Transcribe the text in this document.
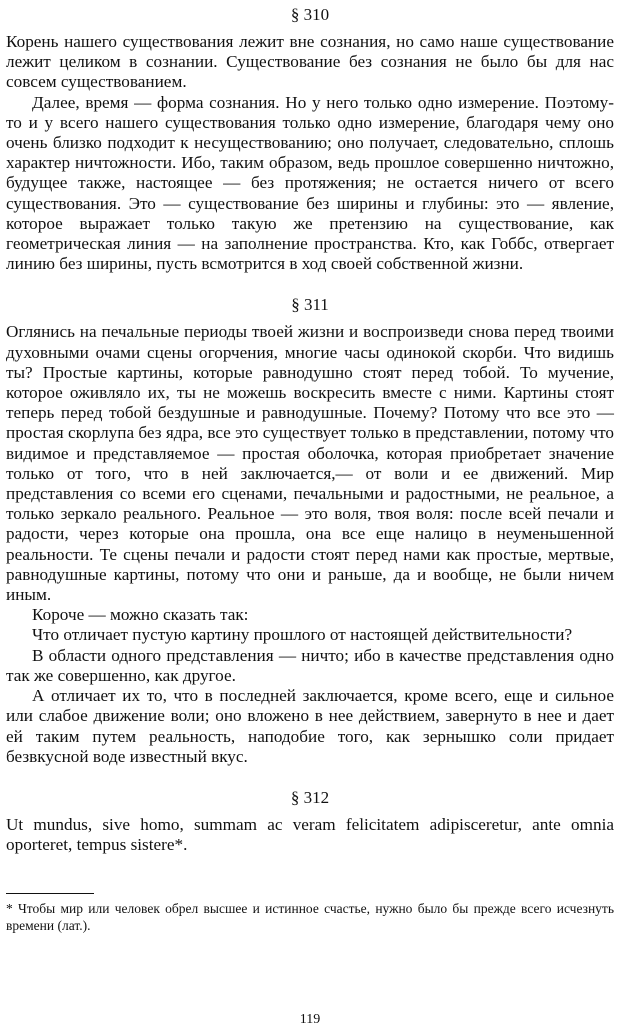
§ 310

Корень нашего существования лежит вне сознания, но само наше существование лежит целиком в сознании. Существование без сознания не было бы для нас совсем существованием.

Далее, время — форма сознания. Но у него только одно измерение. Поэтому-то и у всего нашего существования только одно измерение, благодаря чему оно очень близко подходит к несуществованию; оно получает, следовательно, сплошь характер ничтожности. Ибо, таким образом, ведь прошлое совершенно ничтожно, будущее также, настоящее — без протяжения; не остается ничего от всего существования. Это — существование без ширины и глубины: это — явление, которое выражает только такую же претензию на существование, как геометрическая линия — на заполнение пространства. Кто, как Гоббс, отвергает линию без ширины, пусть всмотрится в ход своей собственной жизни.

§ 311

Оглянись на печальные периоды твоей жизни и воспроизведи снова перед твоими духовными очами сцены огорчения, многие часы одинокой скорби. Что видишь ты? Простые картины, которые равнодушно стоят перед тобой. То мучение, которое оживляло их, ты не можешь воскресить вместе с ними. Картины стоят теперь перед тобой бездушные и равнодушные. Почему? Потому что все это — простая скорлупа без ядра, все это существует только в представлении, потому что видимое и представляемое — простая оболочка, которая приобретает значение только от того, что в ней заключается,— от воли и ее движений. Мир представления со всеми его сценами, печальными и радостными, не реальное, а только зеркало реального. Реальное — это воля, твоя воля: после всей печали и радости, через которые она прошла, она все еще налицо в неуменьшенной реальности. Те сцены печали и радости стоят перед нами как простые, мертвые, равнодушные картины, потому что они и раньше, да и вообще, не были ничем иным.

Короче — можно сказать так:

Что отличает пустую картину прошлого от настоящей действительности?

В области одного представления — ничто; ибо в качестве представления одно так же совершенно, как другое.

А отличает их то, что в последней заключается, кроме всего, еще и сильное или слабое движение воли; оно вложено в нее действием, завернуто в нее и дает ей таким путем реальность, наподобие того, как зернышко соли придает безвкусной воде известный вкус.

§ 312

Ut mundus, sive homo, summam ac veram felicitatem adipisceretur, ante omnia oporteret, tempus sistere*.

* Чтобы мир или человек обрел высшее и истинное счастье, нужно было бы прежде всего исчезнуть времени (лат.).

119
